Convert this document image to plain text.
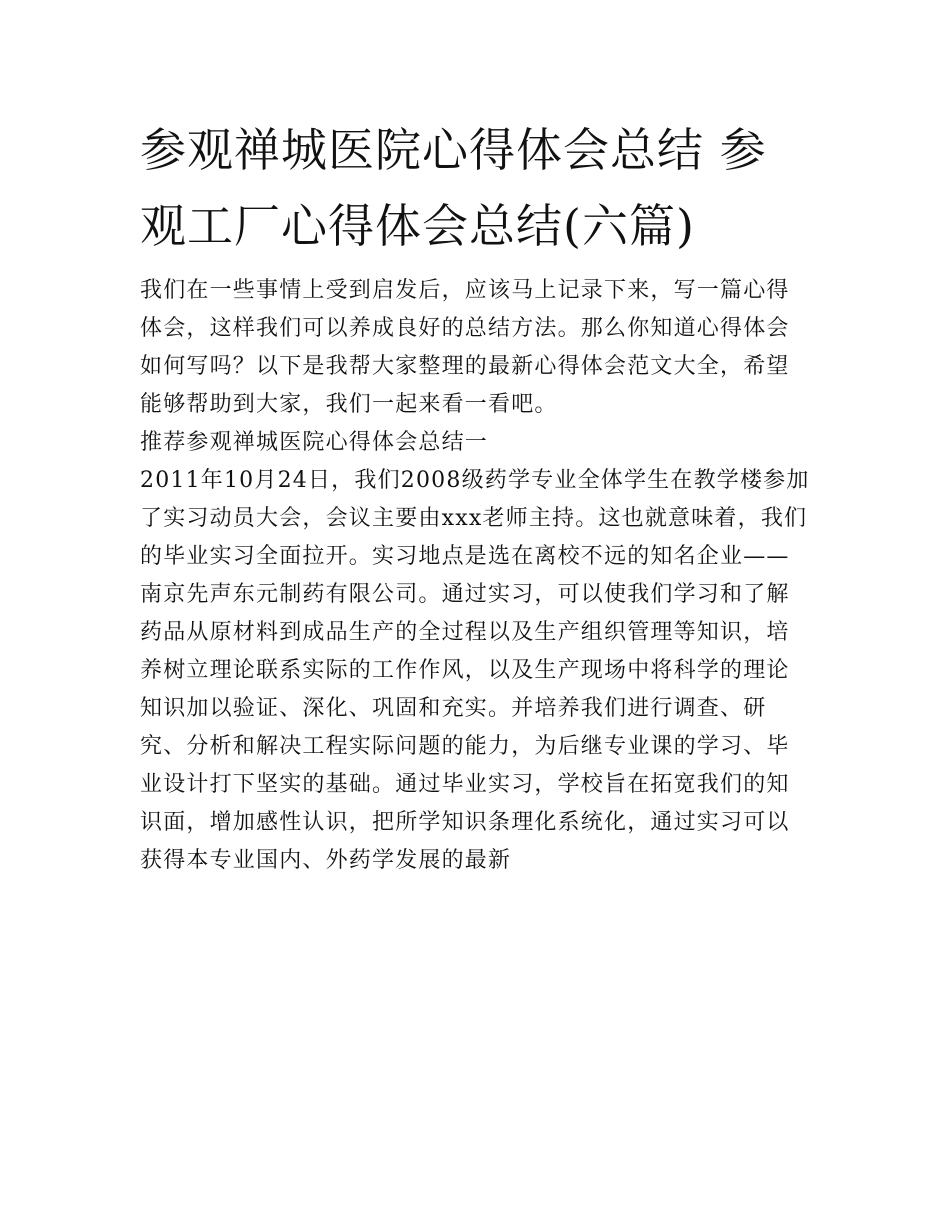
参观禅城医院心得体会总结 参观工厂心得体会总结(六篇)

我们在一些事情上受到启发后，应该马上记录下来，写一篇心得体会，这样我们可以养成良好的总结方法。那么你知道心得体会如何写吗？以下是我帮大家整理的最新心得体会范文大全，希望能够帮助到大家，我们一起来看一看吧。

推荐参观禅城医院心得体会总结一

2011年10月24日，我们2008级药学专业全体学生在教学楼参加了实习动员大会，会议主要由xxx老师主持。这也就意味着，我们的毕业实习全面拉开。实习地点是选在离校不远的知名企业——南京先声东元制药有限公司。通过实习，可以使我们学习和了解药品从原材料到成品生产的全过程以及生产组织管理等知识，培养树立理论联系实际的工作作风，以及生产现场中将科学的理论知识加以验证、深化、巩固和充实。并培养我们进行调查、研究、分析和解决工程实际问题的能力，为后继专业课的学习、毕业设计打下坚实的基础。通过毕业实习，学校旨在拓宽我们的知识面，增加感性认识，把所学知识条理化系统化，通过实习可以获得本专业国内、外药学发展的最新
